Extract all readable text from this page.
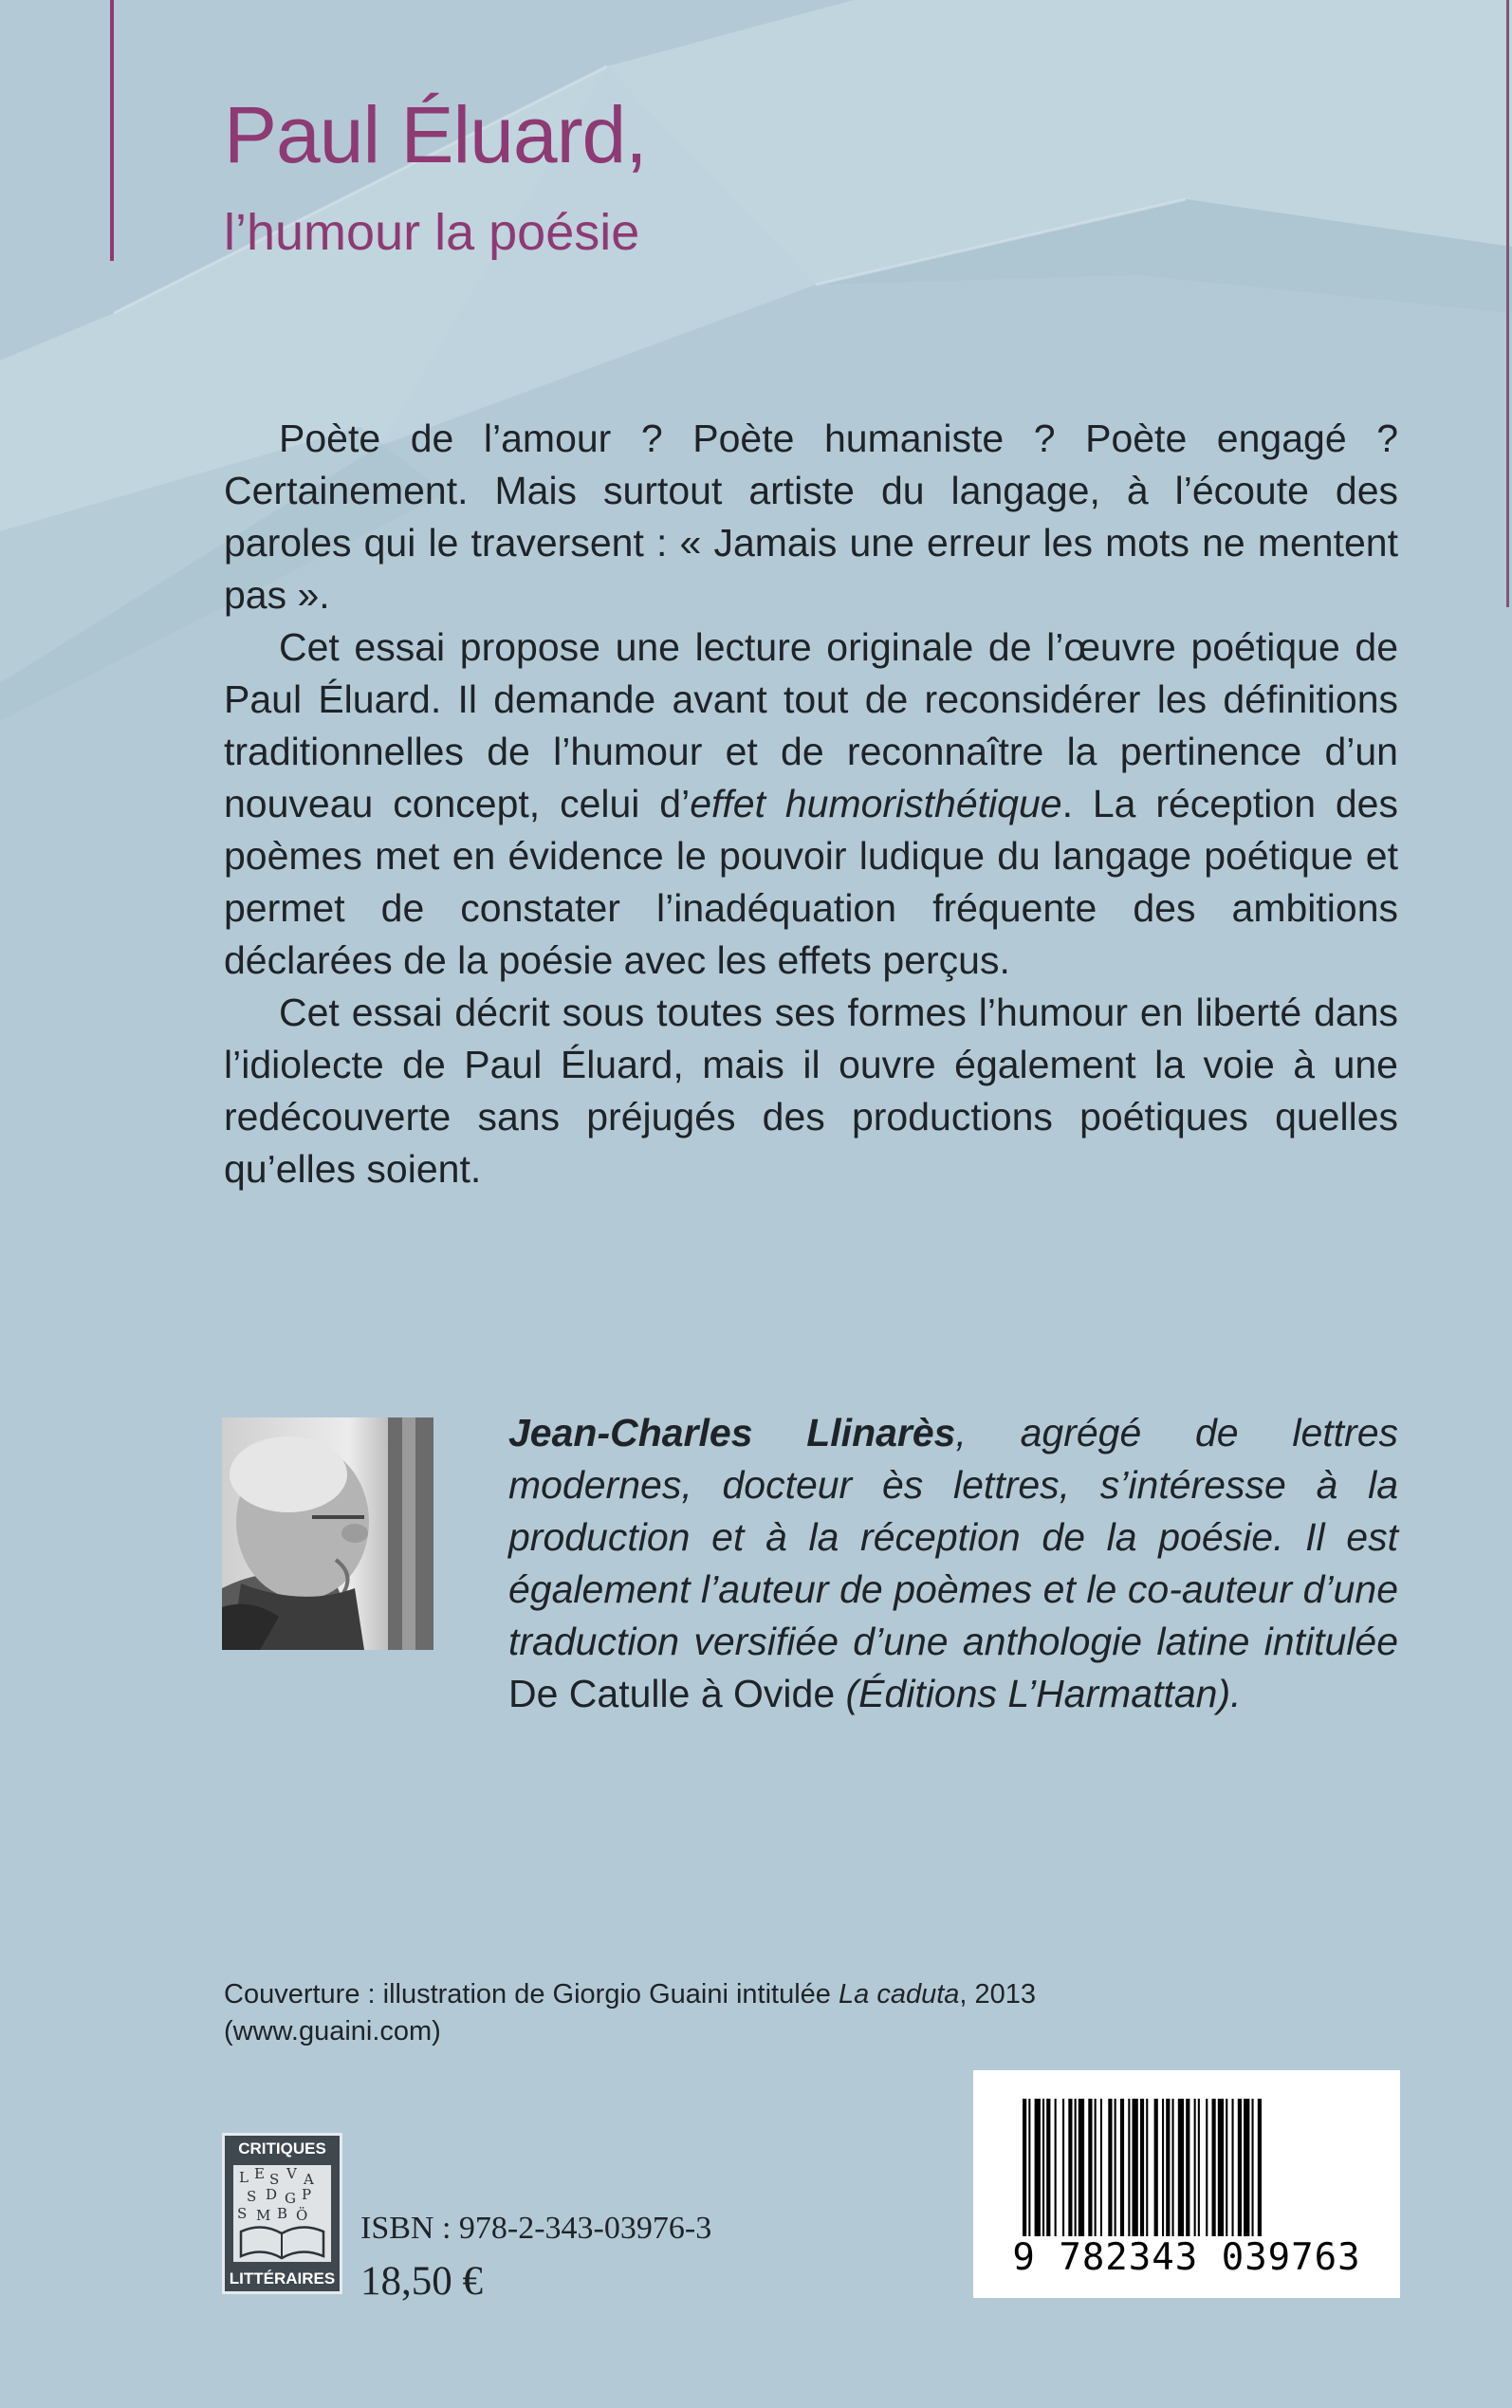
Paul Éluard,
l’humour la poésie

Poète de l’amour ? Poète humaniste ? Poète engagé ? Certainement. Mais surtout artiste du langage, à l’écoute des paroles qui le traversent : « Jamais une erreur les mots ne mentent pas ».

Cet essai propose une lecture originale de l’œuvre poétique de Paul Éluard. Il demande avant tout de reconsidérer les définitions traditionnelles de l’humour et de reconnaître la pertinence d’un nouveau concept, celui d’effet humoristhétique. La réception des poèmes met en évidence le pouvoir ludique du langage poétique et permet de constater l’inadéquation fréquente des ambitions déclarées de la poésie avec les effets perçus.

Cet essai décrit sous toutes ses formes l’humour en liberté dans l’idiolecte de Paul Éluard, mais il ouvre également la voie à une redécouverte sans préjugés des productions poétiques quelles qu’elles soient.

Jean-Charles Llinarès, agrégé de lettres modernes, docteur ès lettres, s’intéresse à la production et à la réception de la poésie. Il est également l’auteur de poèmes et le co-auteur d’une traduction versifiée d’une anthologie latine intitulée De Catulle à Ovide (Éditions L’Harmattan).

Couverture : illustration de Giorgio Guaini intitulée La caduta, 2013
(www.guaini.com)

CRITIQUES
L E S V A
S D G P
S M B Ö
LITTÉRAIRES

ISBN : 978-2-343-03976-3

18,50 €

9 782343 039763
